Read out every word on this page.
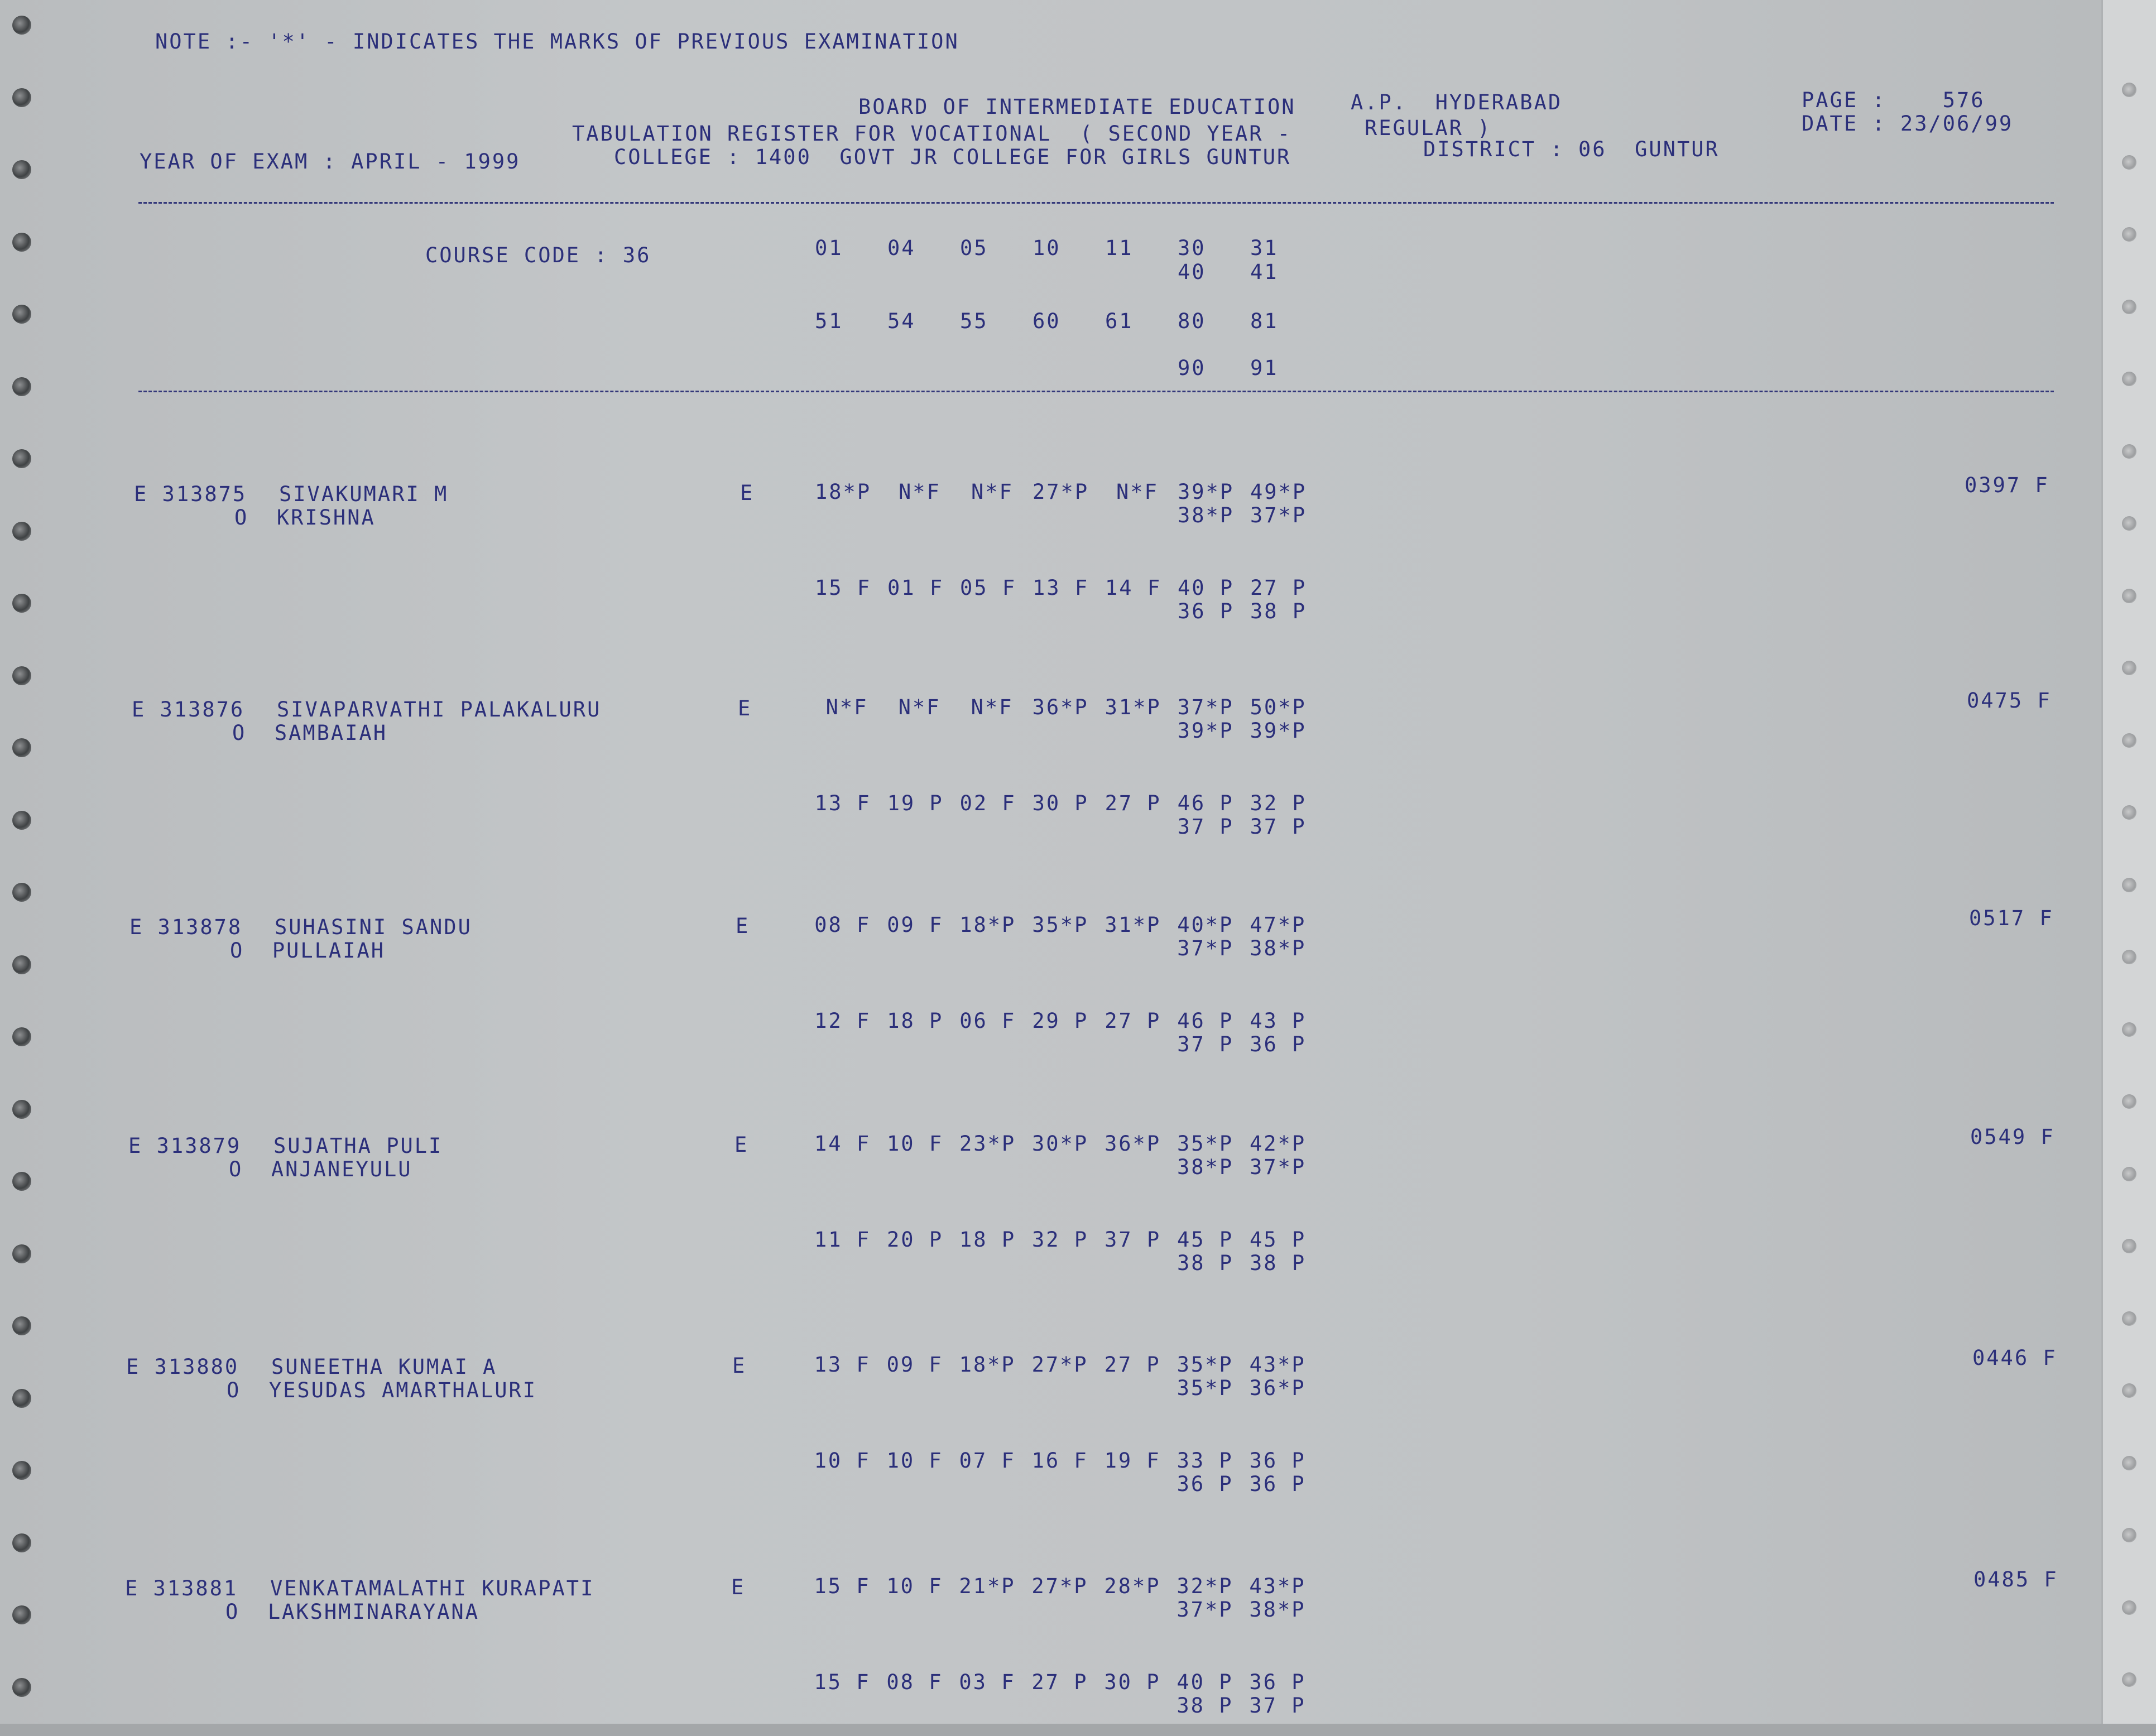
NOTE :- '*' - INDICATES THE MARKS OF PREVIOUS EXAMINATION
BOARD OF INTERMEDIATE EDUCATION	A.P.  HYDERABAD
TABULATION REGISTER FOR VOCATIONAL  ( SECOND YEAR -	REGULAR )
YEAR OF EXAM : APRIL - 1999	COLLEGE : 1400  GOVT JR COLLEGE FOR GIRLS GUNTUR	DISTRICT : 06  GUNTUR
PAGE :    576
DATE : 23/06/99
COURSE CODE : 36	01 04 05 10 11 30 31
40 41
51 54 55 60 61 80 81
90 91
E 313875 SIVAKUMARI M
O  KRISHNA
E	18*P N*F N*F 27*P N*F 39*P 49*P
38*P 37*P
15 F 01 F 05 F 13 F 14 F 40 P 27 P
36 P 38 P
0397 F
E 313876 SIVAPARVATHI PALAKALURU
O  SAMBAIAH
E	N*F N*F N*F 36*P 31*P 37*P 50*P
39*P 39*P
13 F 19 P 02 F 30 P 27 P 46 P 32 P
37 P 37 P
0475 F
E 313878 SUHASINI SANDU
O  PULLAIAH
E	08 F 09 F 18*P 35*P 31*P 40*P 47*P
37*P 38*P
12 F 18 P 06 F 29 P 27 P 46 P 43 P
37 P 36 P
0517 F
E 313879 SUJATHA PULI
O  ANJANEYULU
E	14 F 10 F 23*P 30*P 36*P 35*P 42*P
38*P 37*P
11 F 20 P 18 P 32 P 37 P 45 P 45 P
38 P 38 P
0549 F
E 313880 SUNEETHA KUMAI A
O  YESUDAS AMARTHALURI
E	13 F 09 F 18*P 27*P 27 P 35*P 43*P
35*P 36*P
10 F 10 F 07 F 16 F 19 F 33 P 36 P
36 P 36 P
0446 F
E 313881 VENKATAMALATHI KURAPATI
O  LAKSHMINARAYANA
E	15 F 10 F 21*P 27*P 28*P 32*P 43*P
37*P 38*P
15 F 08 F 03 F 27 P 30 P 40 P 36 P
38 P 37 P
0485 F
